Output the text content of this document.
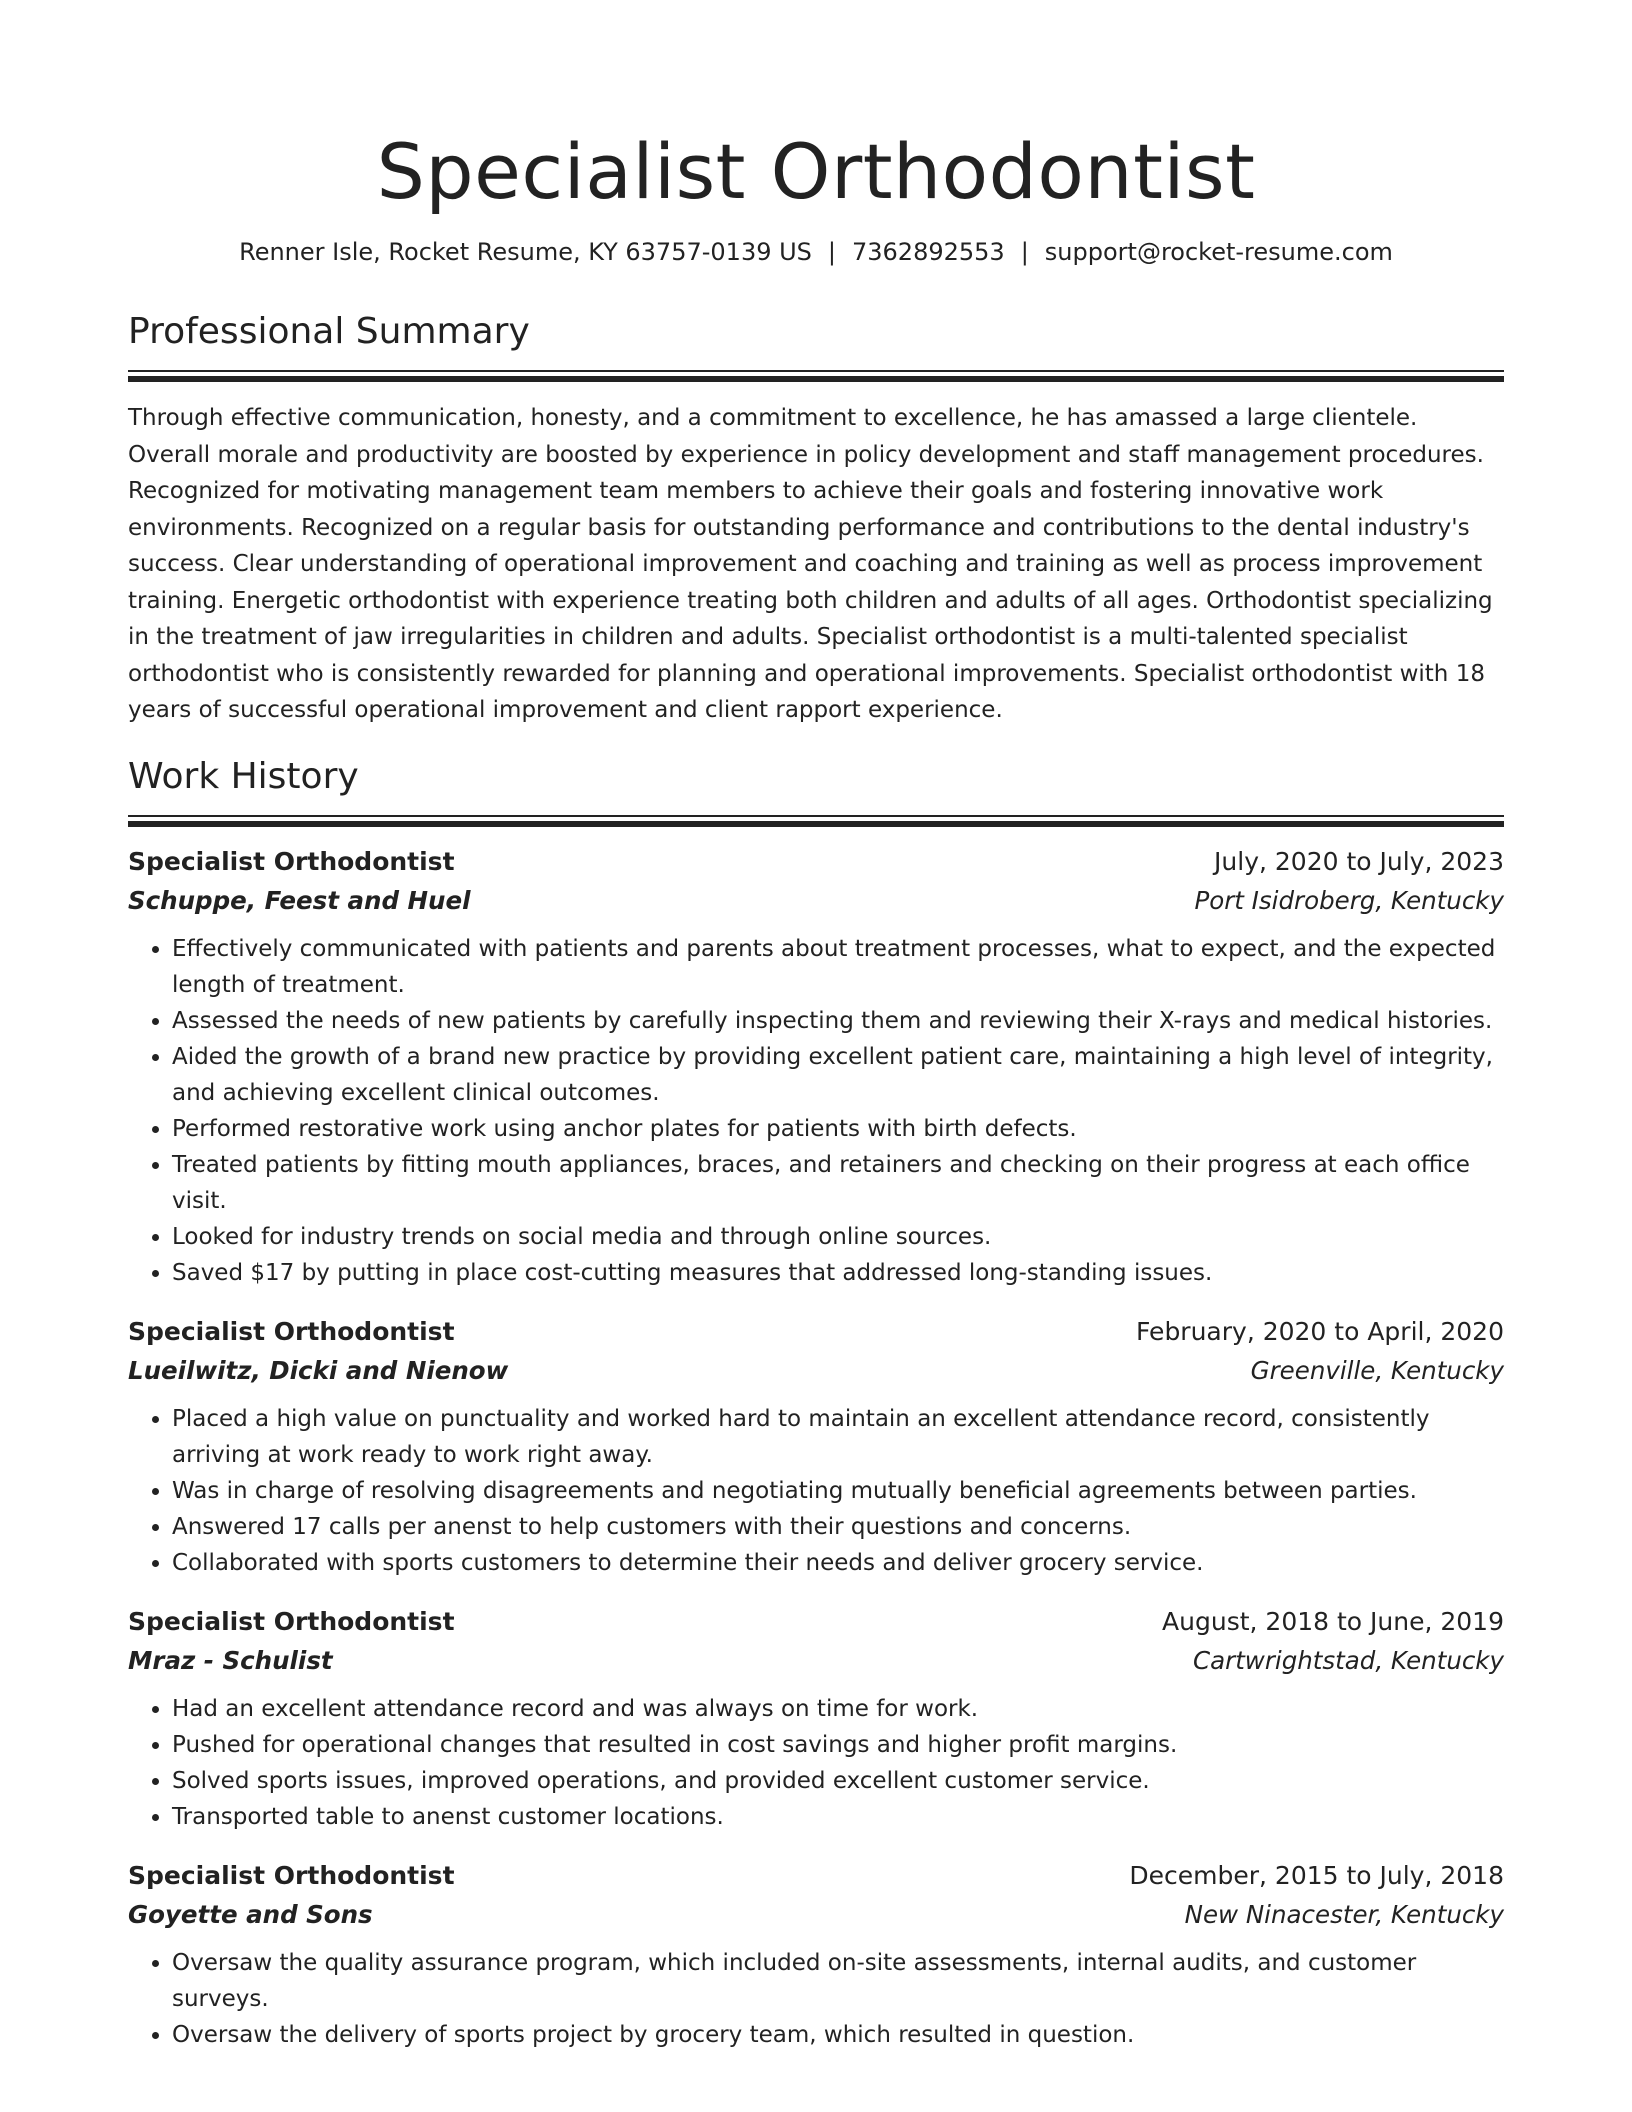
Specialist Orthodontist
Renner Isle, Rocket Resume, KY 63757-0139 US | 7362892553 | support@rocket-resume.com
Professional Summary

Through effective communication, honesty, and a commitment to excellence, he has amassed a large clientele. Overall morale and productivity are boosted by experience in policy development and staff management procedures. Recognized for motivating management team members to achieve their goals and fostering innovative work environments. Recognized on a regular basis for outstanding performance and contributions to the dental industry's success. Clear understanding of operational improvement and coaching and training as well as process improvement training. Energetic orthodontist with experience treating both children and adults of all ages. Orthodontist specializing in the treatment of jaw irregularities in children and adults. Specialist orthodontist is a multi-talented specialist orthodontist who is consistently rewarded for planning and operational improvements. Specialist orthodontist with 18 years of successful operational improvement and client rapport experience.

Work History
Specialist Orthodontist	July, 2020 to July, 2023
Schuppe, Feest and Huel	Port Isidroberg, Kentucky
• Effectively communicated with patients and parents about treatment processes, what to expect, and the expected length of treatment.
• Assessed the needs of new patients by carefully inspecting them and reviewing their X-rays and medical histories.
• Aided the growth of a brand new practice by providing excellent patient care, maintaining a high level of integrity, and achieving excellent clinical outcomes.
• Performed restorative work using anchor plates for patients with birth defects.
• Treated patients by fitting mouth appliances, braces, and retainers and checking on their progress at each office visit.
• Looked for industry trends on social media and through online sources.
• Saved $17 by putting in place cost-cutting measures that addressed long-standing issues.
Specialist Orthodontist	February, 2020 to April, 2020
Lueilwitz, Dicki and Nienow	Greenville, Kentucky
• Placed a high value on punctuality and worked hard to maintain an excellent attendance record, consistently arriving at work ready to work right away.
• Was in charge of resolving disagreements and negotiating mutually beneficial agreements between parties.
• Answered 17 calls per anenst to help customers with their questions and concerns.
• Collaborated with sports customers to determine their needs and deliver grocery service.
Specialist Orthodontist	August, 2018 to June, 2019
Mraz - Schulist	Cartwrightstad, Kentucky
• Had an excellent attendance record and was always on time for work.
• Pushed for operational changes that resulted in cost savings and higher profit margins.
• Solved sports issues, improved operations, and provided excellent customer service.
• Transported table to anenst customer locations.
Specialist Orthodontist	December, 2015 to July, 2018
Goyette and Sons	New Ninacester, Kentucky
• Oversaw the quality assurance program, which included on-site assessments, internal audits, and customer surveys.
• Oversaw the delivery of sports project by grocery team, which resulted in question.
